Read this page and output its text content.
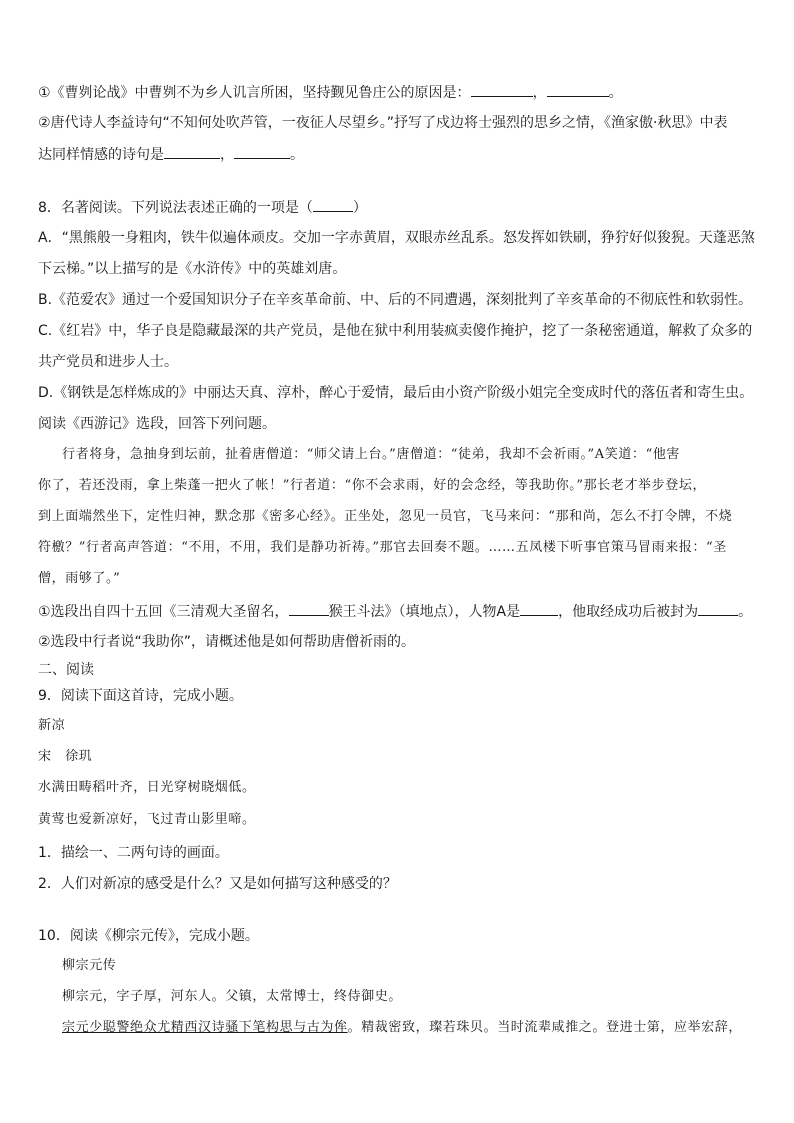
①《曹刿论战》中曹刿不为乡人讥言所困，坚持觐见鲁庄公的原因是：	，	。
②唐代诗人李益诗句“不知何处吹芦管，一夜征人尽望乡。”抒写了戍边将士强烈的思乡之情，《渔家傲·秋思》中表
达同样情感的诗句是	，	。
8．名著阅读。下列说法表述正确的一项是（	）
A．“黑熊般一身粗肉，铁牛似遍体顽皮。交加一字赤黄眉，双眼赤丝乱系。怒发挥如铁刷，狰狞好似狻猊。天蓬恶煞
下云梯。”以上描写的是《水浒传》中的英雄刘唐。
B.《范爱农》通过一个爱国知识分子在辛亥革命前、中、后的不同遭遇，深刻批判了辛亥革命的不彻底性和软弱性。
C.《红岩》中，华子良是隐藏最深的共产党员，是他在狱中利用装疯卖傻作掩护，挖了一条秘密通道，解救了众多的
共产党员和进步人士。
D.《钢铁是怎样炼成的》中丽达天真、淳朴，醉心于爱情，最后由小资产阶级小姐完全变成时代的落伍者和寄生虫。
阅读《西游记》选段，回答下列问题。
行者将身，急抽身到坛前，扯着唐僧道：“师父请上台。”唐僧道：“徒弟，我却不会祈雨。”A笑道：“他害
你了，若还没雨，拿上柴蓬一把火了帐！”行者道：“你不会求雨，好的会念经，等我助你。”那长老才举步登坛，
到上面端然坐下，定性归神，默念那《密多心经》。正坐处，忽见一员官，飞马来问：“那和尚，怎么不打令牌，不烧
符檄？”行者高声答道：“不用，不用，我们是静功祈祷。”那官去回奏不题。……五凤楼下听事官策马冒雨来报：“圣
僧，雨够了。”
①选段出自四十五回《三清观大圣留名，	猴王斗法》（填地点），人物A是	，他取经成功后被封为	。
②选段中行者说“我助你”，请概述他是如何帮助唐僧祈雨的。
二、阅读
9．阅读下面这首诗，完成小题。
新凉
宋　徐玑
水满田畴稻叶齐，日光穿树晓烟低。
黄莺也爱新凉好，飞过青山影里啼。
1．描绘一、二两句诗的画面。
2．人们对新凉的感受是什么？又是如何描写这种感受的？
10．阅读《柳宗元传》，完成小题。
柳宗元传
柳宗元，字子厚，河东人。父镇，太常博士，终侍御史。
宗元少聪警绝众尤精西汉诗骚下笔构思与古为侔。精裁密致，璨若珠贝。当时流辈咸推之。登进士第，应举宏辞，
